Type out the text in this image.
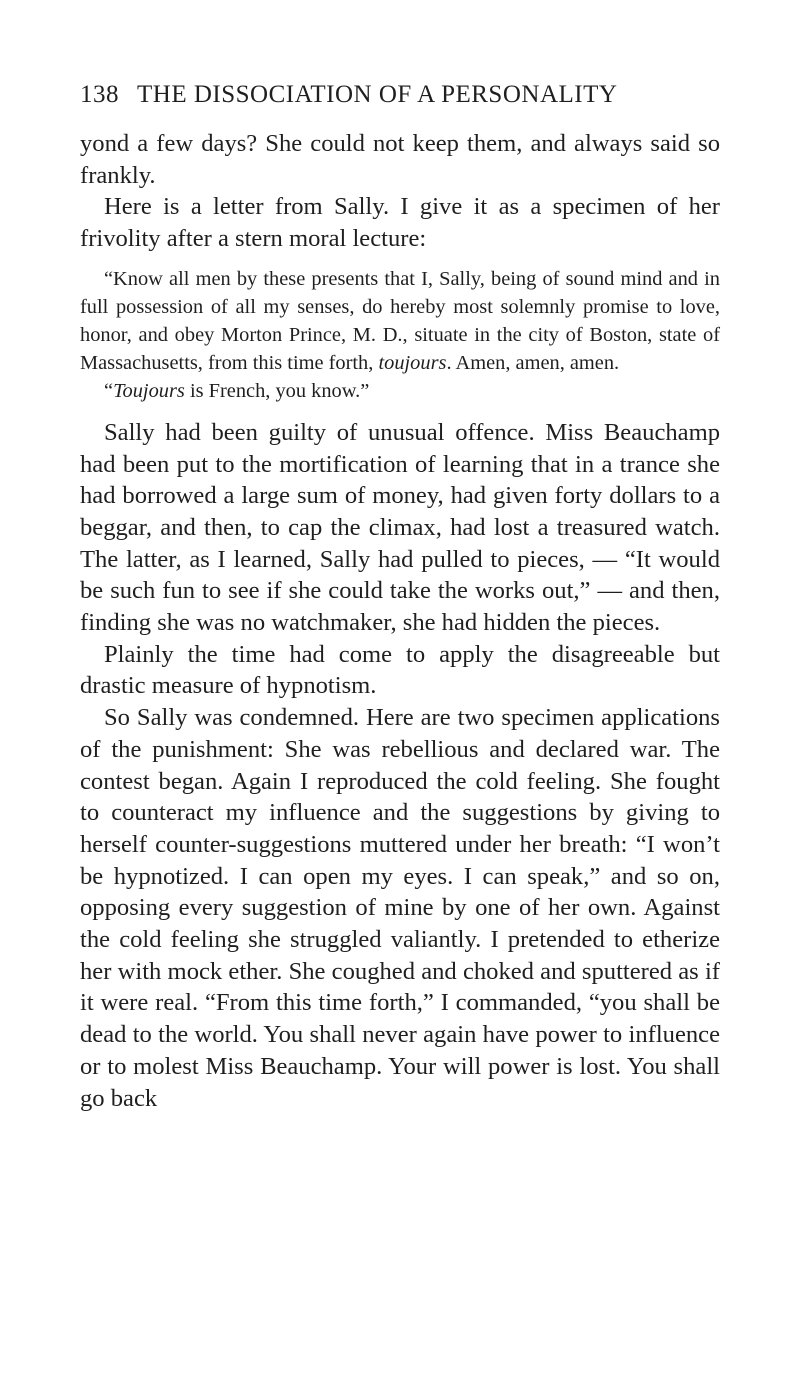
138 THE DISSOCIATION OF A PERSONALITY

yond a few days? She could not keep them, and always said so frankly.

Here is a letter from Sally. I give it as a specimen of her frivolity after a stern moral lecture:

“Know all men by these presents that I, Sally, being of sound mind and in full possession of all my senses, do hereby most solemnly promise to love, honor, and obey Morton Prince, M. D., situate in the city of Boston, state of Massachusetts, from this time forth, toujours. Amen, amen, amen.

“Toujours is French, you know.”

Sally had been guilty of unusual offence. Miss Beauchamp had been put to the mortification of learning that in a trance she had borrowed a large sum of money, had given forty dollars to a beggar, and then, to cap the climax, had lost a treasured watch. The latter, as I learned, Sally had pulled to pieces, — “It would be such fun to see if she could take the works out,” — and then, finding she was no watchmaker, she had hidden the pieces.

Plainly the time had come to apply the disagreeable but drastic measure of hypnotism.

So Sally was condemned. Here are two specimen applications of the punishment: She was rebellious and declared war. The contest began. Again I reproduced the cold feeling. She fought to counteract my influence and the suggestions by giving to herself counter-suggestions muttered under her breath: “I won’t be hypnotized. I can open my eyes. I can speak,” and so on, opposing every suggestion of mine by one of her own. Against the cold feeling she struggled valiantly. I pretended to etherize her with mock ether. She coughed and choked and sputtered as if it were real. “From this time forth,” I commanded, “you shall be dead to the world. You shall never again have power to influence or to molest Miss Beauchamp. Your will power is lost. You shall go back
